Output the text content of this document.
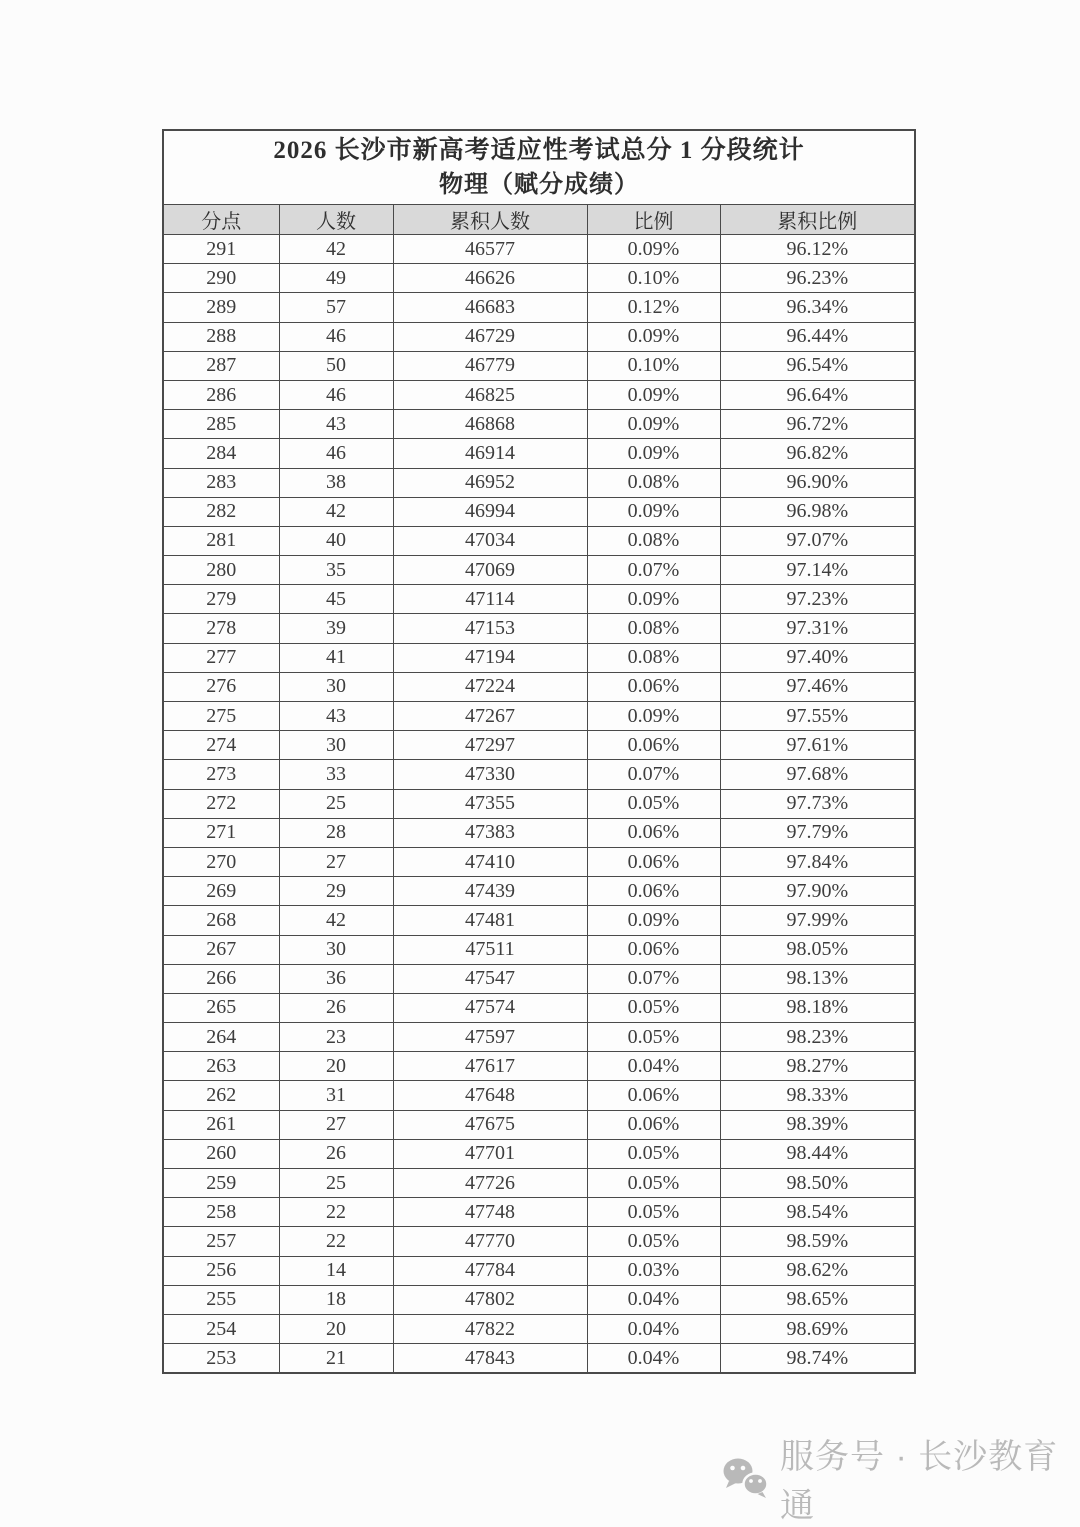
2026 长沙市新高考适应性考试总分 1 分段统计
物理（赋分成绩）				

分点	人数	累积人数	比例	累积比例
291	42	46577	0.09%	96.12%
290	49	46626	0.10%	96.23%
289	57	46683	0.12%	96.34%
288	46	46729	0.09%	96.44%
287	50	46779	0.10%	96.54%
286	46	46825	0.09%	96.64%
285	43	46868	0.09%	96.72%
284	46	46914	0.09%	96.82%
283	38	46952	0.08%	96.90%
282	42	46994	0.09%	96.98%
281	40	47034	0.08%	97.07%
280	35	47069	0.07%	97.14%
279	45	47114	0.09%	97.23%
278	39	47153	0.08%	97.31%
277	41	47194	0.08%	97.40%
276	30	47224	0.06%	97.46%
275	43	47267	0.09%	97.55%
274	30	47297	0.06%	97.61%
273	33	47330	0.07%	97.68%
272	25	47355	0.05%	97.73%
271	28	47383	0.06%	97.79%
270	27	47410	0.06%	97.84%
269	29	47439	0.06%	97.90%
268	42	47481	0.09%	97.99%
267	30	47511	0.06%	98.05%
266	36	47547	0.07%	98.13%
265	26	47574	0.05%	98.18%
264	23	47597	0.05%	98.23%
263	20	47617	0.04%	98.27%
262	31	47648	0.06%	98.33%
261	27	47675	0.06%	98.39%
260	26	47701	0.05%	98.44%
259	25	47726	0.05%	98.50%
258	22	47748	0.05%	98.54%
257	22	47770	0.05%	98.59%
256	14	47784	0.03%	98.62%
255	18	47802	0.04%	98.65%
254	20	47822	0.04%	98.69%
253	21	47843	0.04%	98.74%
服务号 · 长沙教育通
